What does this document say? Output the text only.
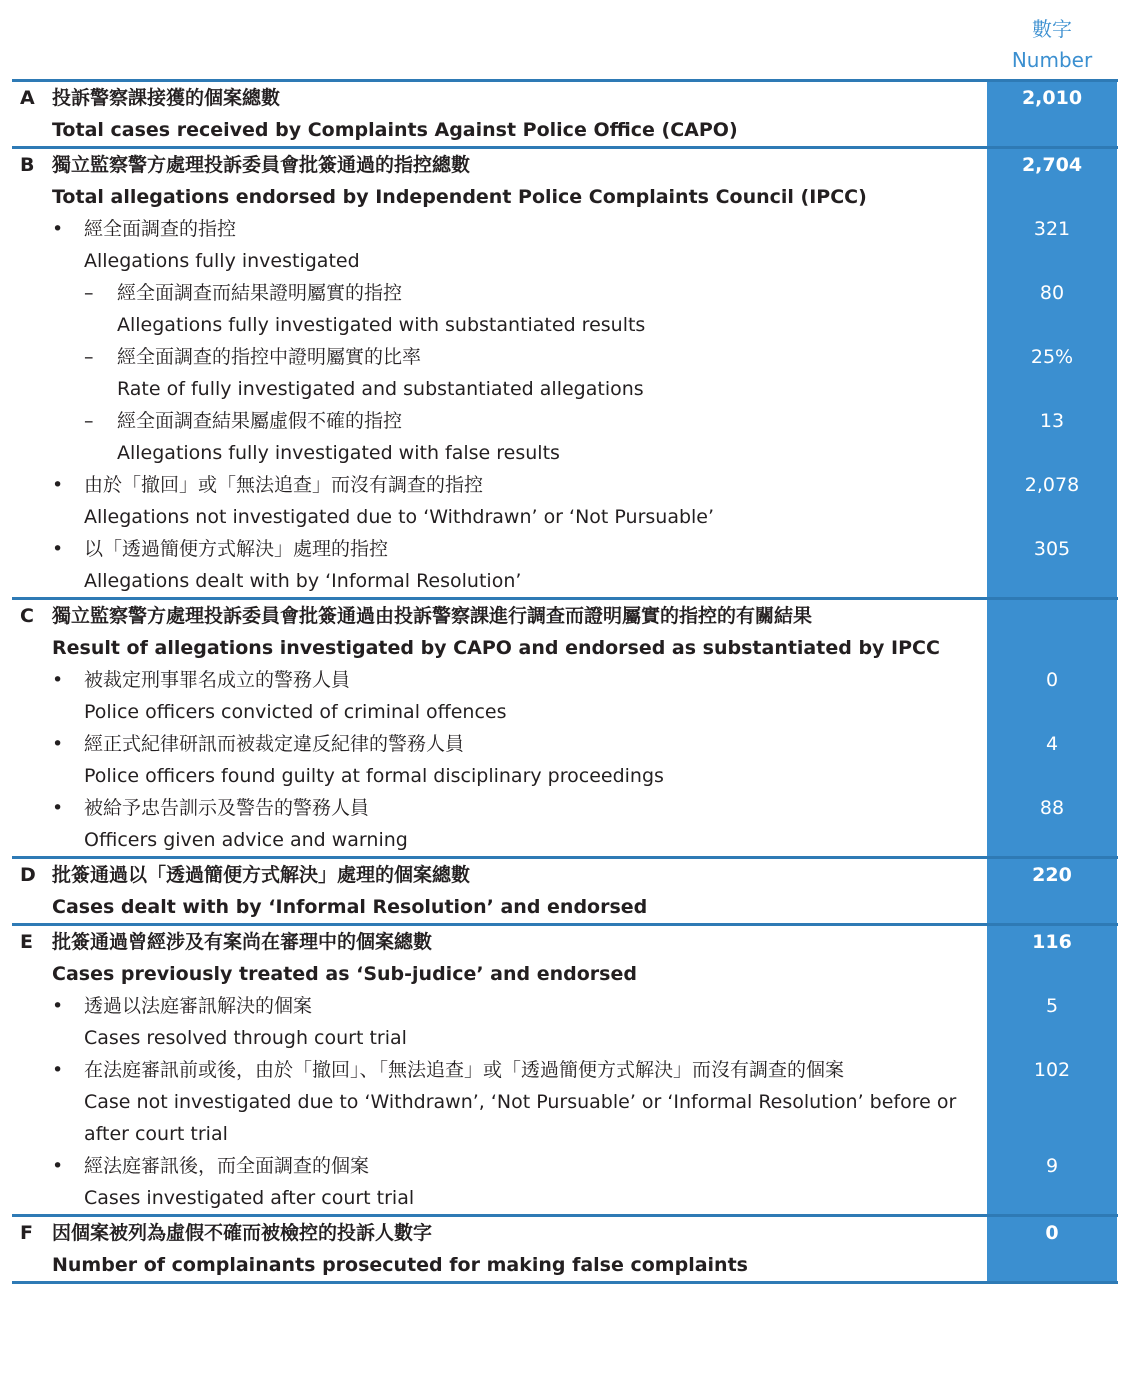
數字
Number
A 投訴警察課接獲的個案總數	2,010
Total cases received by Complaints Against Police Office (CAPO)
B 獨立監察警方處理投訴委員會批簽通過的指控總數	2,704
Total allegations endorsed by Independent Police Complaints Council (IPCC)
• 經全面調查的指控	321
Allegations fully investigated
– 經全面調查而結果證明屬實的指控	80
Allegations fully investigated with substantiated results
– 經全面調查的指控中證明屬實的比率	25%
Rate of fully investigated and substantiated allegations
– 經全面調查結果屬虛假不確的指控	13
Allegations fully investigated with false results
• 由於「撤回」或「無法追查」而沒有調查的指控	2,078
Allegations not investigated due to ‘Withdrawn’ or ‘Not Pursuable’
• 以「透過簡便方式解決」處理的指控	305
Allegations dealt with by ‘Informal Resolution’
C 獨立監察警方處理投訴委員會批簽通過由投訴警察課進行調查而證明屬實的指控的有關結果
Result of allegations investigated by CAPO and endorsed as substantiated by IPCC
• 被裁定刑事罪名成立的警務人員	0
Police officers convicted of criminal offences
• 經正式紀律研訊而被裁定違反紀律的警務人員	4
Police officers found guilty at formal disciplinary proceedings
• 被給予忠告訓示及警告的警務人員	88
Officers given advice and warning
D 批簽通過以「透過簡便方式解決」處理的個案總數	220
Cases dealt with by ‘Informal Resolution’ and endorsed
E 批簽通過曾經涉及有案尚在審理中的個案總數	116
Cases previously treated as ‘Sub-judice’ and endorsed
• 透過以法庭審訊解決的個案	5
Cases resolved through court trial
• 在法庭審訊前或後，由於「撤回」、「無法追查」或「透過簡便方式解決」而沒有調查的個案	102
Case not investigated due to ‘Withdrawn’, ‘Not Pursuable’ or ‘Informal Resolution’ before or
after court trial
• 經法庭審訊後，而全面調查的個案	9
Cases investigated after court trial
F 因個案被列為虛假不確而被檢控的投訴人數字	0
Number of complainants prosecuted for making false complaints
